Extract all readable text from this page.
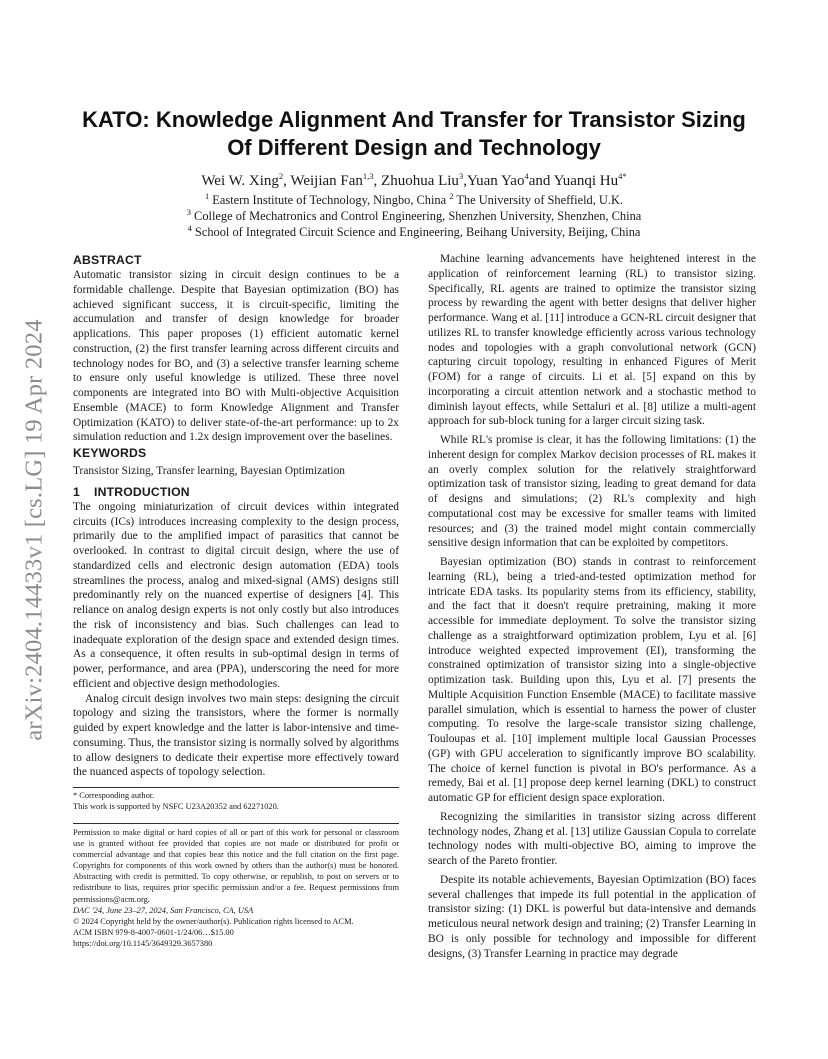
arXiv:2404.14433v1 [cs.LG] 19 Apr 2024
KATO: Knowledge Alignment And Transfer for Transistor Sizing
Of Different Design and Technology
Wei W. Xing$^2$, Weijian Fan$^{1,3}$, Zhuohua Liu$^3$,Yuan Yao$^4$and Yuanqi $Hu^{4*}$
$^1$ Eastern Institute of Technology, Ningbo, China $^2$ The University of Sheffield, U.K.
$^3$ College of Mechatronics and Control Engineering, Shenzhen University, Shenzhen, China
$^4$ School of Integrated Circuit Science and Engineering, Beihang University, Beijing, China
ABSTRACT

Automatic transistor sizing in circuit design continues to be a formidable challenge. Despite that Bayesian optimization (BO) has achieved significant success, it is circuit-specific, limiting the accumulation and transfer of design knowledge for broader applications. This paper proposes (1) efficient automatic kernel construction, (2) the first transfer learning across different circuits and technology nodes for BO, and (3) a selective transfer learning scheme to ensure only useful knowledge is utilized. These three novel components are integrated into BO with Multi-objective Acquisition Ensemble (MACE) to form Knowledge Alignment and Transfer Optimization (KATO) to deliver state-of-the-art performance: up to 2x simulation reduction and 1.2x design improvement over the baselines.

KEYWORDS

Transistor Sizing, Transfer learning, Bayesian Optimization

1 INTRODUCTION

The ongoing miniaturization of circuit devices within integrated circuits (ICs) introduces increasing complexity to the design process, primarily due to the amplified impact of parasitics that cannot be overlooked. In contrast to digital circuit design, where the use of standardized cells and electronic design automation (EDA) tools streamlines the process, analog and mixed-signal (AMS) designs still predominantly rely on the nuanced expertise of designers [4]. This reliance on analog design experts is not only costly but also introduces the risk of inconsistency and bias. Such challenges can lead to inadequate exploration of the design space and extended design times. As a consequence, it often results in sub-optimal design in terms of power, performance, and area (PPA), underscoring the need for more efficient and objective design methodologies.

Analog circuit design involves two main steps: designing the circuit topology and sizing the transistors, where the former is normally guided by expert knowledge and the latter is labor-intensive and time-consuming. Thus, the transistor sizing is normally solved by algorithms to allow designers to dedicate their expertise more effectively toward the nuanced aspects of topology selection.

* Corresponding author.
This work is supported by NSFC U23A20352 and 62271020.

Permission to make digital or hard copies of all or part of this work for personal or classroom use is granted without fee provided that copies are not made or distributed for profit or commercial advantage and that copies bear this notice and the full citation on the first page. Copyrights for components of this work owned by others than the author(s) must be honored. Abstracting with credit is permitted. To copy otherwise, or republish, to post on servers or to redistribute to lists, requires prior specific permission and/or a fee. Request permissions from permissions@acm.org.

DAC '24, June 23–27, 2024, San Francisco, CA, USA

© 2024 Copyright held by the owner/author(s). Publication rights licensed to ACM.

ACM ISBN 979-8-4007-0601-1/24/06…$15.00

https://doi.org/10.1145/3649329.3657380

Machine learning advancements have heightened interest in the application of reinforcement learning (RL) to transistor sizing. Specifically, RL agents are trained to optimize the transistor sizing process by rewarding the agent with better designs that deliver higher performance. Wang et al. [11] introduce a GCN-RL circuit designer that utilizes RL to transfer knowledge efficiently across various technology nodes and topologies with a graph convolutional network (GCN) capturing circuit topology, resulting in enhanced Figures of Merit (FOM) for a range of circuits. Li et al. [5] expand on this by incorporating a circuit attention network and a stochastic method to diminish layout effects, while Settaluri et al. [8] utilize a multi-agent approach for sub-block tuning for a larger circuit sizing task.

While RL's promise is clear, it has the following limitations: (1) the inherent design for complex Markov decision processes of RL makes it an overly complex solution for the relatively straightforward optimization task of transistor sizing, leading to great demand for data of designs and simulations; (2) RL's complexity and high computational cost may be excessive for smaller teams with limited resources; and (3) the trained model might contain commercially sensitive design information that can be exploited by competitors.

Bayesian optimization (BO) stands in contrast to reinforcement learning (RL), being a tried-and-tested optimization method for intricate EDA tasks. Its popularity stems from its efficiency, stability, and the fact that it doesn't require pretraining, making it more accessible for immediate deployment. To solve the transistor sizing challenge as a straightforward optimization problem, Lyu et al. [6] introduce weighted expected improvement (EI), transforming the constrained optimization of transistor sizing into a single-objective optimization task. Building upon this, Lyu et al. [7] presents the Multiple Acquisition Function Ensemble (MACE) to facilitate massive parallel simulation, which is essential to harness the power of cluster computing. To resolve the large-scale transistor sizing challenge, Touloupas et al. [10] implement multiple local Gaussian Processes (GP) with GPU acceleration to significantly improve BO scalability. The choice of kernel function is pivotal in BO's performance. As a remedy, Bai et al. [1] propose deep kernel learning (DKL) to construct automatic GP for efficient design space exploration.

Recognizing the similarities in transistor sizing across different technology nodes, Zhang et al. [13] utilize Gaussian Copula to correlate technology nodes with multi-objective BO, aiming to improve the search of the Pareto frontier.

Despite its notable achievements, Bayesian Optimization (BO) faces several challenges that impede its full potential in the application of transistor sizing: (1) DKL is powerful but data-intensive and demands meticulous neural network design and training; (2) Transfer Learning in BO is only possible for technology and impossible for different designs, (3) Transfer Learning in practice may degrade
